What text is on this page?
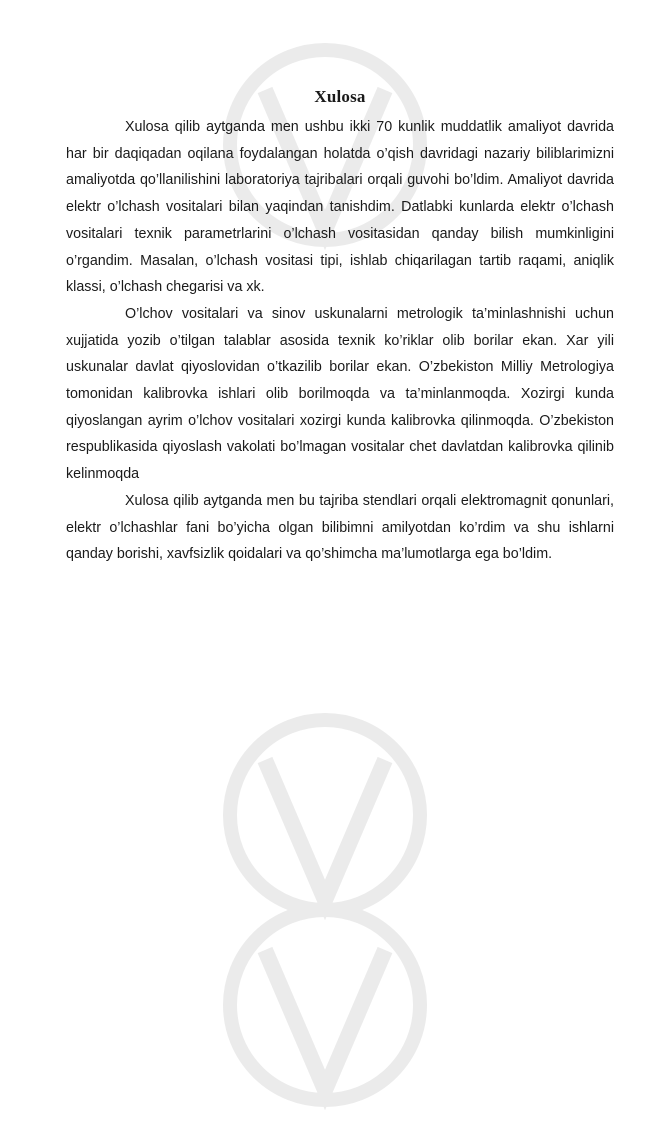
Xulosa

Xulosa qilib aytganda men ushbu ikki 70 kunlik muddatlik amaliyot davrida har bir daqiqadan oqilana foydalangan holatda o’qish davridagi nazariy biliblarimizni amaliyotda qo’llanilishini laboratoriya tajribalari orqali guvohi bo’ldim. Amaliyot davrida elektr o’lchash vositalari bilan yaqindan tanishdim. Datlabki kunlarda elektr o’lchash vositalari texnik parametrlarini o’lchash vositasidan qanday bilish mumkinligini o’rgandim. Masalan, o’lchash vositasi tipi, ishlab chiqarilagan tartib raqami, aniqlik klassi, o’lchash chegarisi va xk.

O’lchov vositalari va sinov uskunalarni metrologik ta’minlashnishi uchun xujjatida yozib o’tilgan talablar asosida texnik ko’riklar olib borilar ekan. Xar yili uskunalar davlat qiyoslovidan o’tkazilib borilar ekan. O’zbekiston Milliy Metrologiya tomonidan kalibrovka ishlari olib borilmoqda va ta’minlanmoqda. Xozirgi kunda qiyoslangan ayrim o’lchov vositalari xozirgi kunda kalibrovka qilinmoqda. O’zbekiston respublikasida qiyoslash vakolati bo’lmagan vositalar chet davlatdan kalibrovka qilinib kelinmoqda

Xulosa qilib aytganda men bu tajriba stendlari orqali elektromagnit qonunlari, elektr o’lchashlar fani bo’yicha olgan bilibimni amilyotdan ko’rdim va shu ishlarni qanday borishi, xavfsizlik qoidalari va qo’shimcha ma’lumotlarga ega bo’ldim.
